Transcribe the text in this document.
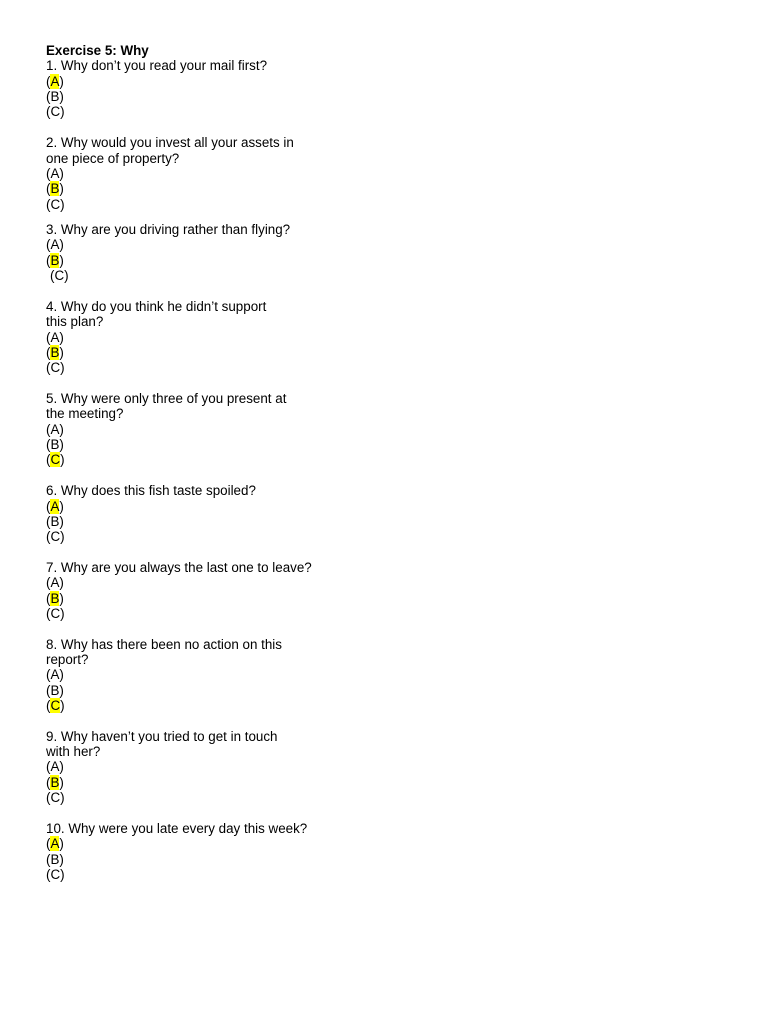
Exercise 5: Why
1. Why don’t you read your mail first?
(A)
(B)
(C)
2. Why would you invest all your assets in
one piece of property?
(A)
(B)
(C)
3. Why are you driving rather than flying?
(A)
(B)
(C)
4. Why do you think he didn’t support
this plan?
(A)
(B)
(C)
5. Why were only three of you present at
the meeting?
(A)
(B)
(C)
6. Why does this fish taste spoiled?
(A)
(B)
(C)
7. Why are you always the last one to leave?
(A)
(B)
(C)
8. Why has there been no action on this
report?
(A)
(B)
(C)
9. Why haven’t you tried to get in touch
with her?
(A)
(B)
(C)
10. Why were you late every day this week?
(A)
(B)
(C)
